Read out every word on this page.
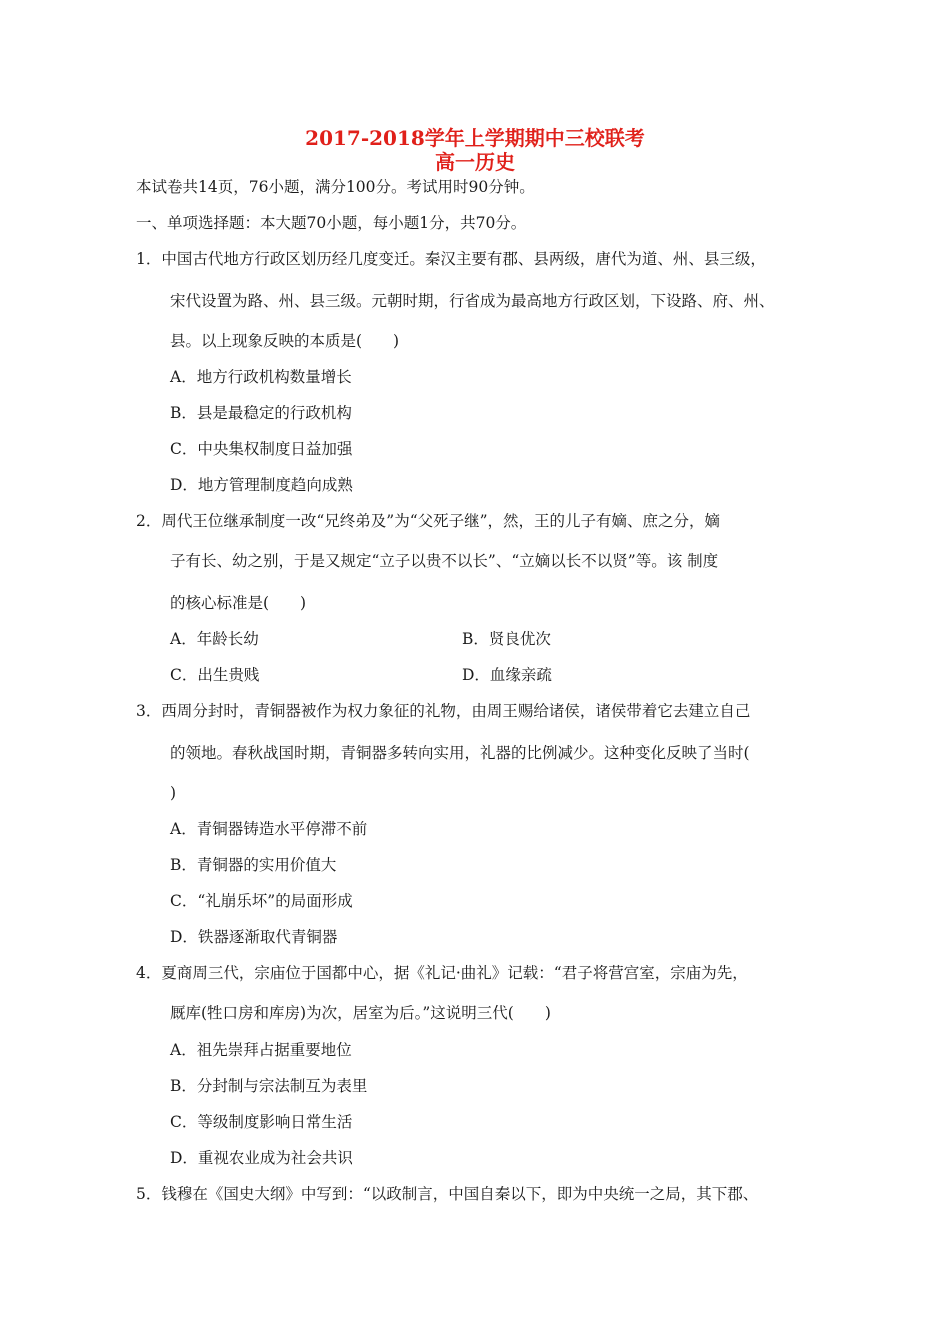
2017-2018学年上学期期中三校联考
高一历史
本试卷共14页，76小题，满分100分。考试用时90分钟。
一、单项选择题：本大题70小题，每小题1分，共70分。
1．中国古代地方行政区划历经几度变迁。秦汉主要有郡、县两级，唐代为道、州、县三级，
宋代设置为路、州、县三级。元朝时期，行省成为最高地方行政区划，下设路、府、州、
县。以上现象反映的本质是(　　)
A．地方行政机构数量增长
B．县是最稳定的行政机构
C．中央集权制度日益加强
D．地方管理制度趋向成熟
2．周代王位继承制度一改“兄终弟及”为“父死子继”，然，王的儿子有嫡、庶之分，嫡
子有长、幼之别，于是又规定“立子以贵不以长”、“立嫡以长不以贤”等。该 制度
的核心标准是(　　)
A．年龄长幼	B．贤良优次
C．出生贵贱	D．血缘亲疏
3．西周分封时，青铜器被作为权力象征的礼物，由周王赐给诸侯，诸侯带着它去建立自己
的领地。春秋战国时期，青铜器多转向实用，礼器的比例减少。这种变化反映了当时(
)
A．青铜器铸造水平停滞不前
B．青铜器的实用价值大
C．“礼崩乐坏”的局面形成
D．铁器逐渐取代青铜器
4．夏商周三代，宗庙位于国都中心，据《礼记·曲礼》记载：“君子将营宫室，宗庙为先，
厩库(牲口房和库房)为次，居室为后。”这说明三代(　　)
A．祖先崇拜占据重要地位
B．分封制与宗法制互为表里
C．等级制度影响日常生活
D．重视农业成为社会共识
5．钱穆在《国史大纲》中写到：“以政制言，中国自秦以下，即为中央统一之局，其下郡、
